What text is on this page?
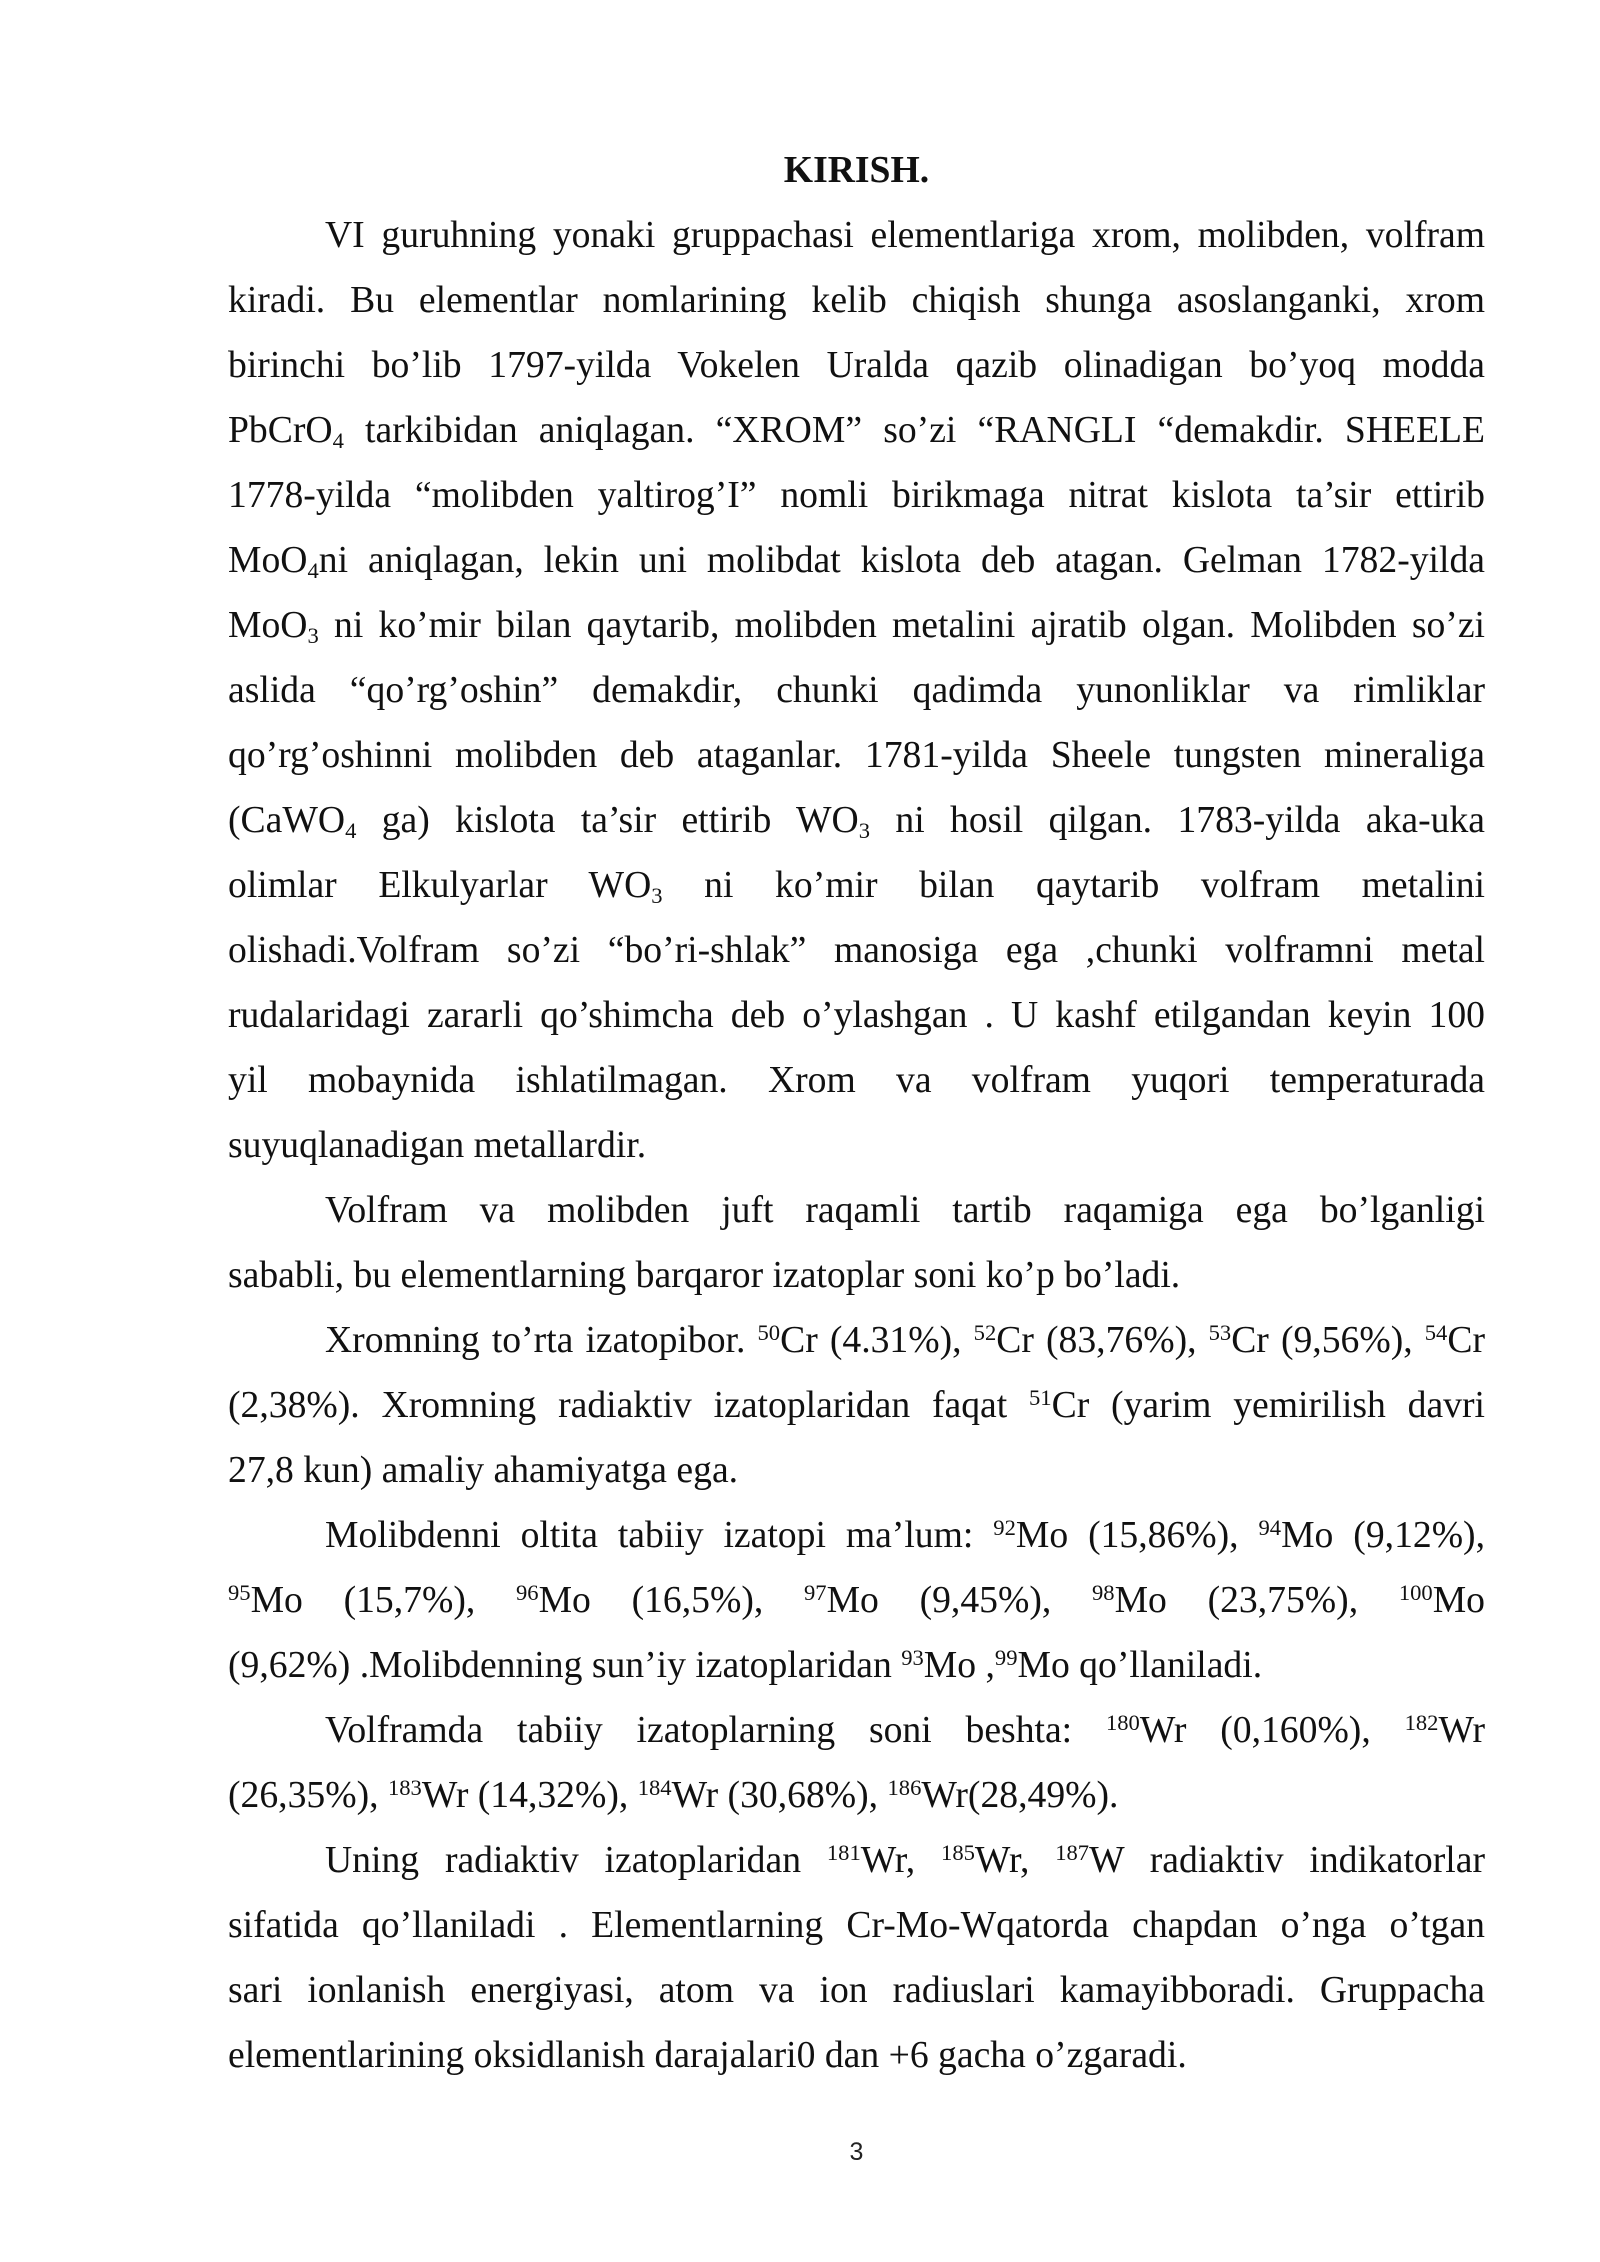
KIRISH.
VI guruhning yonaki gruppachasi elementlariga xrom, molibden, volfram
kiradi. Bu elementlar nomlarining kelib chiqish shunga asoslanganki, xrom
birinchi bo’lib 1797-yilda Vokelen Uralda qazib olinadigan bo’yoq modda
PbCrO4 tarkibidan aniqlagan. “XROM” so’zi “RANGLI “demakdir. SHEELE
1778-yilda “molibden yaltirog’I” nomli birikmaga nitrat kislota ta’sir ettirib
MoO4ni aniqlagan, lekin uni molibdat kislota deb atagan. Gelman 1782-yilda
MoO3 ni ko’mir bilan qaytarib, molibden metalini ajratib olgan. Molibden so’zi
aslida “qo’rg’oshin” demakdir, chunki qadimda yunonliklar va rimliklar
qo’rg’oshinni molibden deb ataganlar. 1781-yilda Sheele tungsten mineraliga
(CaWO4 ga) kislota ta’sir ettirib WO3 ni hosil qilgan. 1783-yilda aka-uka
olimlar Elkulyarlar WO3 ni ko’mir bilan qaytarib volfram metalini
olishadi.Volfram so’zi “bo’ri-shlak” manosiga ega ,chunki volframni metal
rudalaridagi zararli qo’shimcha deb o’ylashgan . U kashf etilgandan keyin 100
yil mobaynida ishlatilmagan. Xrom va volfram yuqori temperaturada
suyuqlanadigan metallardir.
Volfram va molibden juft raqamli tartib raqamiga ega bo’lganligi
sababli, bu elementlarning barqaror izatoplar soni ko’p bo’ladi.
Xromning to’rta izatopibor. $^{50}$Cr (4.31%), $^{52}$Cr (83,76%), $^{53}$Cr (9,56%), $^{54}$Cr
(2,38%). Xromning radiaktiv izatoplaridan faqat $^{51}$Cr (yarim yemirilish davri
27,8 kun) amaliy ahamiyatga ega.
Molibdenni oltita tabiiy izatopi ma’lum: $^{92}$Mo (15,86%), $^{94}$Mo (9,12%),
$^{95}$Mo (15,7%), $^{96}$Mo (16,5%), $^{97}$Mo (9,45%), $^{98}$Mo (23,75%), $^{100}$Mo
(9,62%) .Molibdenning sun’iy izatoplaridan $^{93}$Mo ,$^{99}$Mo qo’llaniladi.
Volframda tabiiy izatoplarning soni beshta: $^{180}$Wr (0,160%), $^{182}$Wr
(26,35%), $^{183}$Wr (14,32%), $^{184}$Wr (30,68%), $^{186}$Wr(28,49%).
Uning radiaktiv izatoplaridan $^{181}$Wr, $^{185}$Wr, $^{187}$W radiaktiv indikatorlar
sifatida qo’llaniladi . Elementlarning Cr-Mo-Wqatorda chapdan o’nga o’tgan
sari ionlanish energiyasi, atom va ion radiuslari kamayibboradi. Gruppacha
elementlarining oksidlanish darajalari0 dan +6 gacha o’zgaradi.
3
